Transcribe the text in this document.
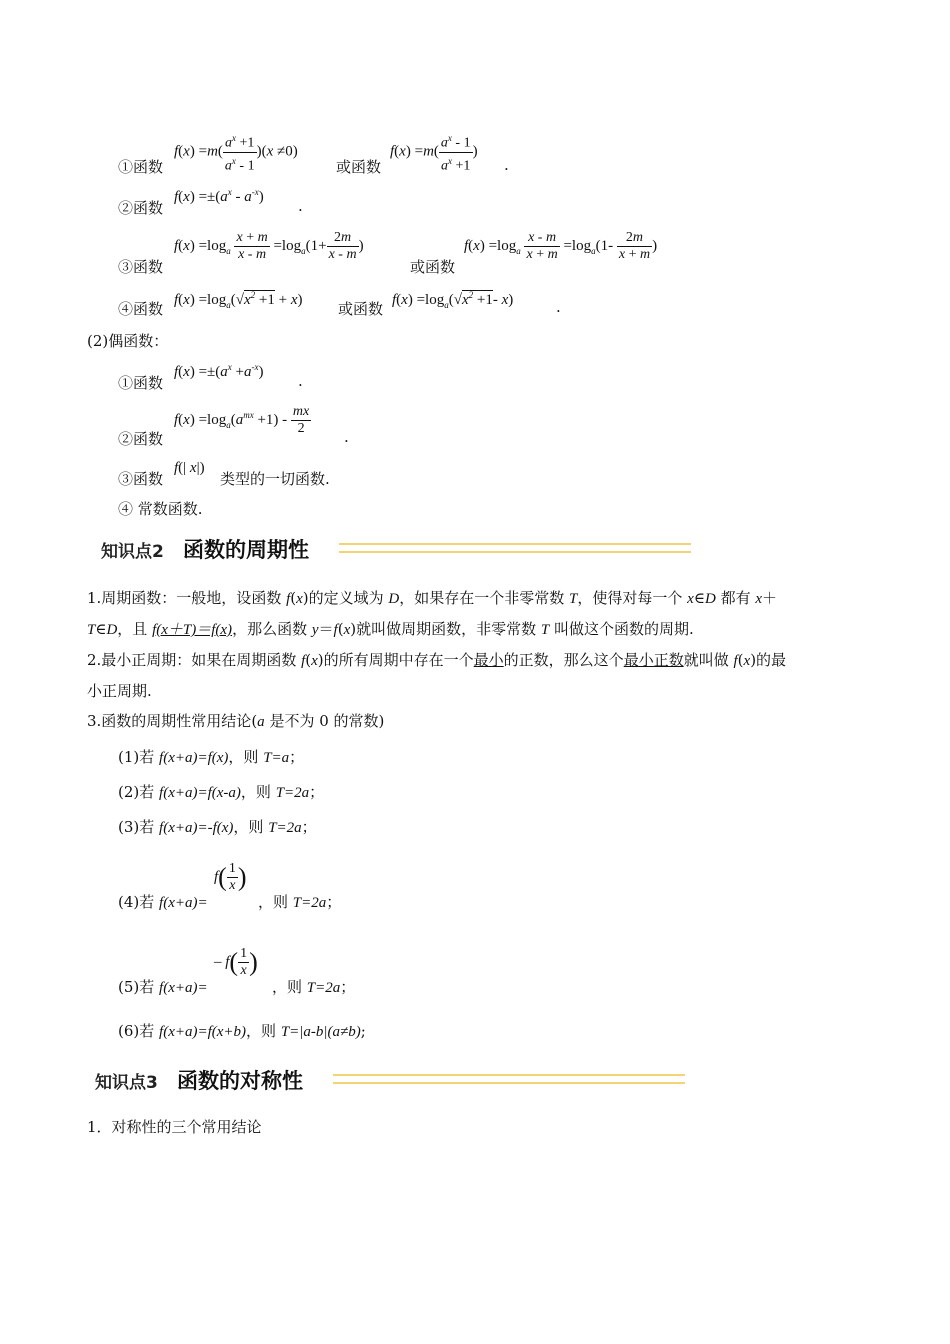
①函数
$f(x) =m( \frac{a^x +1}{a^x - 1} )(x \ne 0)$
或函数
$f(x) =m( \frac{a^x - 1}{a^x +1}$ )
.
②函数
$f(x) =\pm(a^x - a^{-x})$ .
③函数
$f(x) =\log_a \frac{x + m}{x - m} =\log_a(1+ \frac{2m}{x - m}$ )
或函数
$f(x) =\log_a \frac{x - m}{x + m} =\log_a(1- \frac{2m}{x + m}$ )
④函数 $f(x) =\log_a(√x^2 +1 + x)$ 或函数 $f(x) =\log_a(√x^2 +1-$ x)	.
(2)偶函数：
①函数
$f(x) =\pm(a^x +a^{-x})$ .
②函数
$f(x) =\log_a(a^{mx} +1) - \frac{mx}{2}$ .
③函数
f(| x|)
类型的一切函数.
④ 常数函数.
知识点2 函数的周期性
1.周期函数：一般地，设函数 f(x)的定义域为 D，如果存在一个非零常数 T，使得对每一个 x∈D 都有 x＋
T∈D，且 f(x＋T)＝f(x)，那么函数 y＝f(x)就叫做周期函数，非零常数 T 叫做这个函数的周期.
2.最小正周期：如果在周期函数 f(x)的所有周期中存在一个最小的正数，那么这个最小正数就叫做 f(x)的最
小正周期.
3.函数的周期性常用结论(a 是不为 0 的常数)
(1)若 f(x+a)=f(x)，则 T=a；
(2)若 f(x+a)=f(x-a)，则 T=2a；
(3)若 f(x+a)=-f(x)，则 T=2a；
(4)若 f(x+a)=
$f( \frac{1}{x}$ )
，则 T=2a；
(5)若 f(x+a)=
– $f( \frac{1}{x}$ )
，则 T=2a；
(6)若 f(x+a)=f(x+b)，则 T=|a-b|(a≠b);
知识点3 函数的对称性
1．对称性的三个常用结论
